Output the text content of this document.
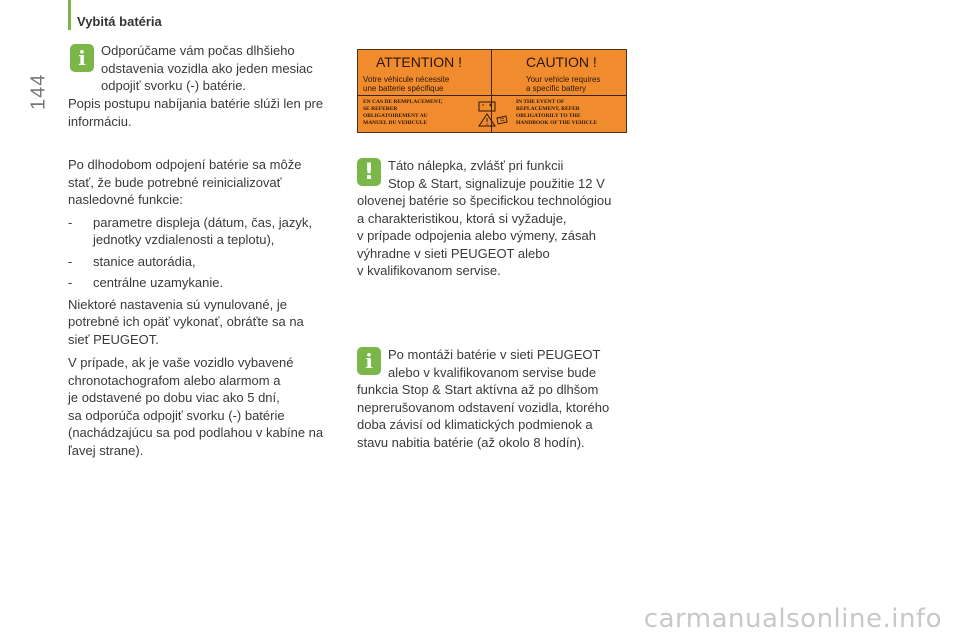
144
Vybitá batéria
i	Odporúčame vám počas dlhšieho

odstavenia vozidla ako jeden mesiac

odpojiť svorku (-) batérie.

Popis postupu nabíjania batérie slúži len pre

informáciu.

Po dlhodobom odpojení batérie sa môže

stať, že bude potrebné reinicializovať

nasledovné funkcie:

- parametre displeja (dátum, čas, jazyk,
jednotky vzdialenosti a teplotu),
- stanice autorádia,
- centrálne uzamykanie.

Niektoré nastavenia sú vynulované, je

potrebné ich opäť vykonať, obráťte sa na

sieť PEUGEOT.

V prípade, ak je vaše vozidlo vybavené

chronotachografom alebo alarmom a

je odstavené po dobu viac ako 5 dní,

sa odporúča odpojiť svorku (-) batérie

(nachádzajúcu sa pod podlahou v kabíne na

ľavej strane).

ATTENTION !	CAUTION !
Votre véhicule nécessite
une batterie spécifique
Your vehicle requires
a specific battery
EN CAS DE REMPLACEMENT,
SE REFERER
OBLIGATOIREMENT AU
MANUEL DU VEHICULE
IN THE EVENT OF
REPLACEMENT, REFER
OBLIGATORILY TO THE
HANDBOOK OF THE VEHICLE
!	Táto nálepka, zvlášť pri funkcii

Stop & Start, signalizuje použitie 12 V

olovenej batérie so špecifickou technológiou

a charakteristikou, ktorá si vyžaduje,

v prípade odpojenia alebo výmeny, zásah

výhradne v sieti PEUGEOT alebo

v kvalifikovanom servise.

i	Po montáži batérie v sieti PEUGEOT

alebo v kvalifikovanom servise bude

funkcia Stop & Start aktívna až po dlhšom

neprerušovanom odstavení vozidla, ktorého

doba závisí od klimatických podmienok a

stavu nabitia batérie (až okolo 8 hodín).

carmanualsonline.info
